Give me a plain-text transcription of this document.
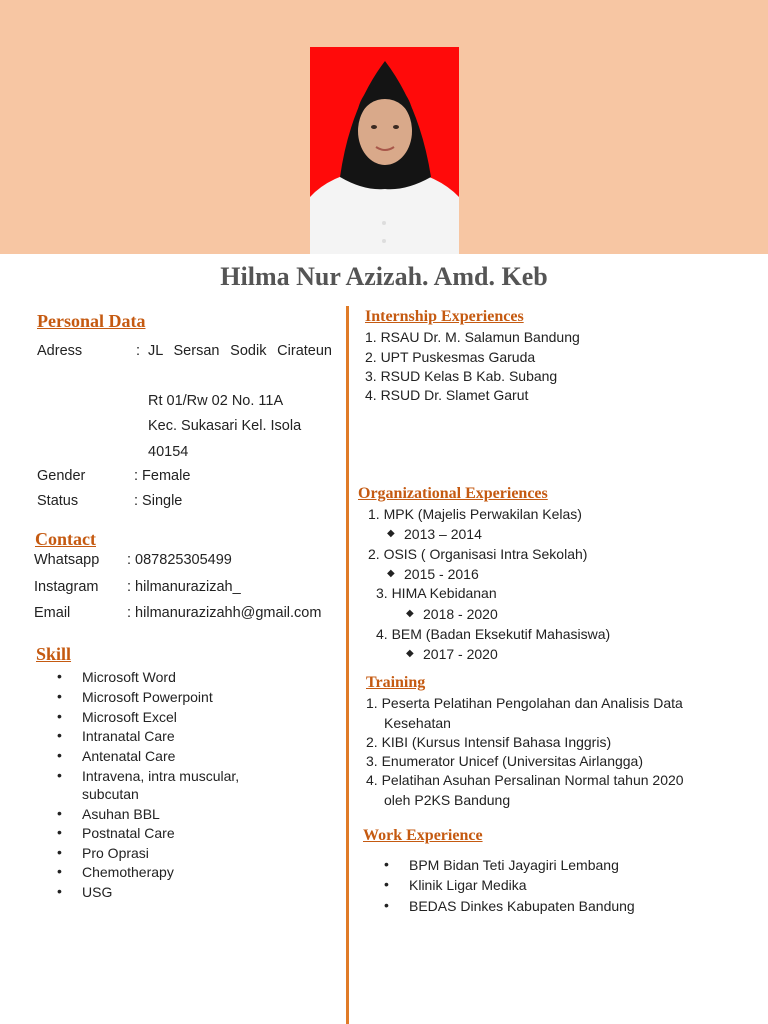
Hilma Nur Azizah. Amd. Keb
Personal Data
Adress	: JL Sersan Sodik Cirateun
Rt 01/Rw 02 No. 11A
Kec. Sukasari Kel. Isola
40154
Gender	: Female
Status	: Single
Contact
Whatsapp : 087825305499
Instagram : hilmanurazizah_
Email	: hilmanurazizahh@gmail.com
Skill
• Microsoft Word
• Microsoft Powerpoint
• Microsoft Excel
• Intranatal Care
• Antenatal Care
• Intravena, intra muscular,
subcutan
• Asuhan BBL
• Postnatal Care
• Pro Oprasi
• Chemotherapy
• USG
Internship Experiences
1. RSAU Dr. M. Salamun Bandung
2. UPT Puskesmas Garuda
3. RSUD Kelas B Kab. Subang
4. RSUD Dr. Slamet Garut
Organizational Experiences
1. MPK (Majelis Perwakilan Kelas)
◆ 2013 – 2014
2. OSIS ( Organisasi Intra Sekolah)
◆ 2015 - 2016
3. HIMA Kebidanan
◆ 2018 - 2020
4. BEM (Badan Eksekutif Mahasiswa)
◆ 2017 - 2020
Training
1. Peserta Pelatihan Pengolahan dan Analisis Data
Kesehatan
2. KIBI (Kursus Intensif Bahasa Inggris)
3. Enumerator Unicef (Universitas Airlangga)
4. Pelatihan Asuhan Persalinan Normal tahun 2020
oleh P2KS Bandung
Work Experience
• BPM Bidan Teti Jayagiri Lembang
• Klinik Ligar Medika
• BEDAS Dinkes Kabupaten Bandung
